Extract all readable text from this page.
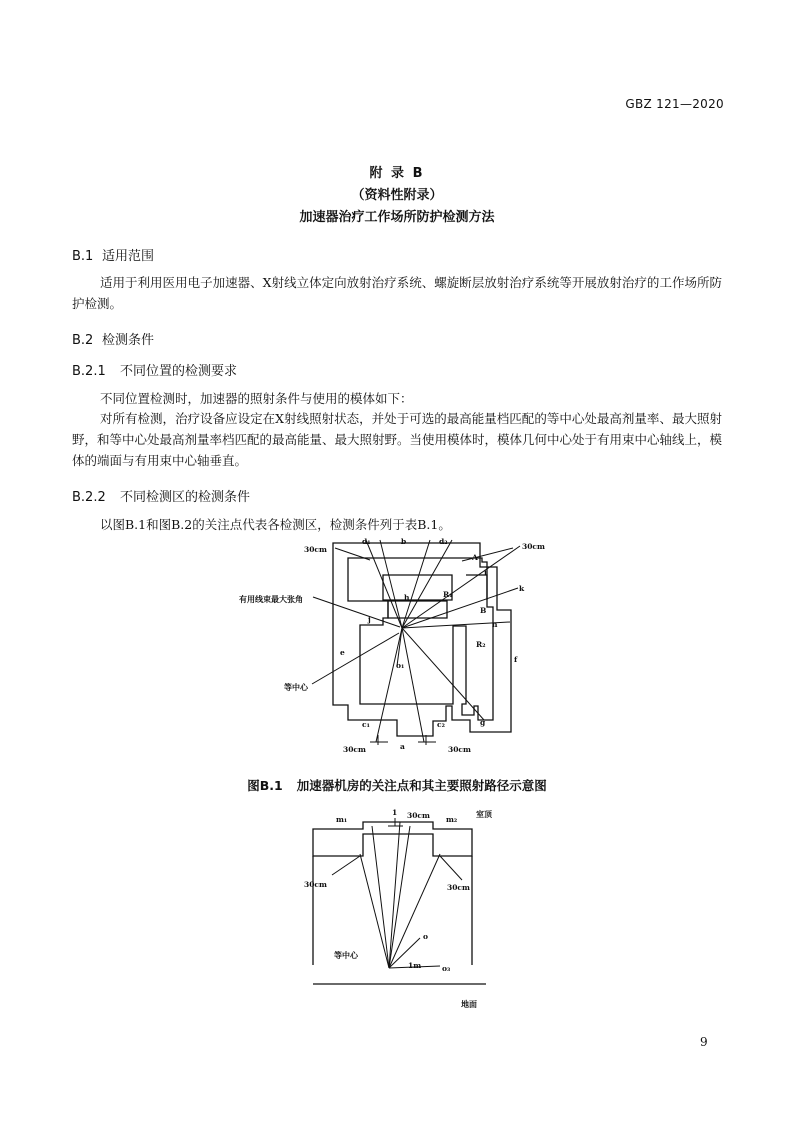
GBZ 121—2020
附 录 B
（资料性附录）
加速器治疗工作场所防护检测方法
B.1 适用范围
适用于利用医用电子加速器、X射线立体定向放射治疗系统、螺旋断层放射治疗系统等开展放射治疗的工作场所防护检测。
B.2 检测条件
B.2.1 不同位置的检测要求
不同位置检测时，加速器的照射条件与使用的模体如下：
对所有检测，治疗设备应设定在X射线照射状态，并处于可选的最高能量档匹配的等中心处最高剂量率、最大照射野，和等中心处最高剂量率档匹配的最高能量、最大照射野。当使用模体时，模体几何中心处于有用束中心轴线上，模体的端面与有用束中心轴垂直。
B.2.2 不同检测区的检测条件
以图B.1和图B.2的关注点代表各检测区，检测条件列于表B.1。
30cm	30cm
d₁	b	d₂
A
i
k
h	R₁
B
n
R₂
e
f
j
g
o₁
c₁	c₂
30cm	a	30cm
有用线束最大张角
等中心
1 30cm
m₁	m₂
室顶
30cm	30cm
o
等中心
1m	o₃
地面
图B.1 加速器机房的关注点和其主要照射路径示意图
9
